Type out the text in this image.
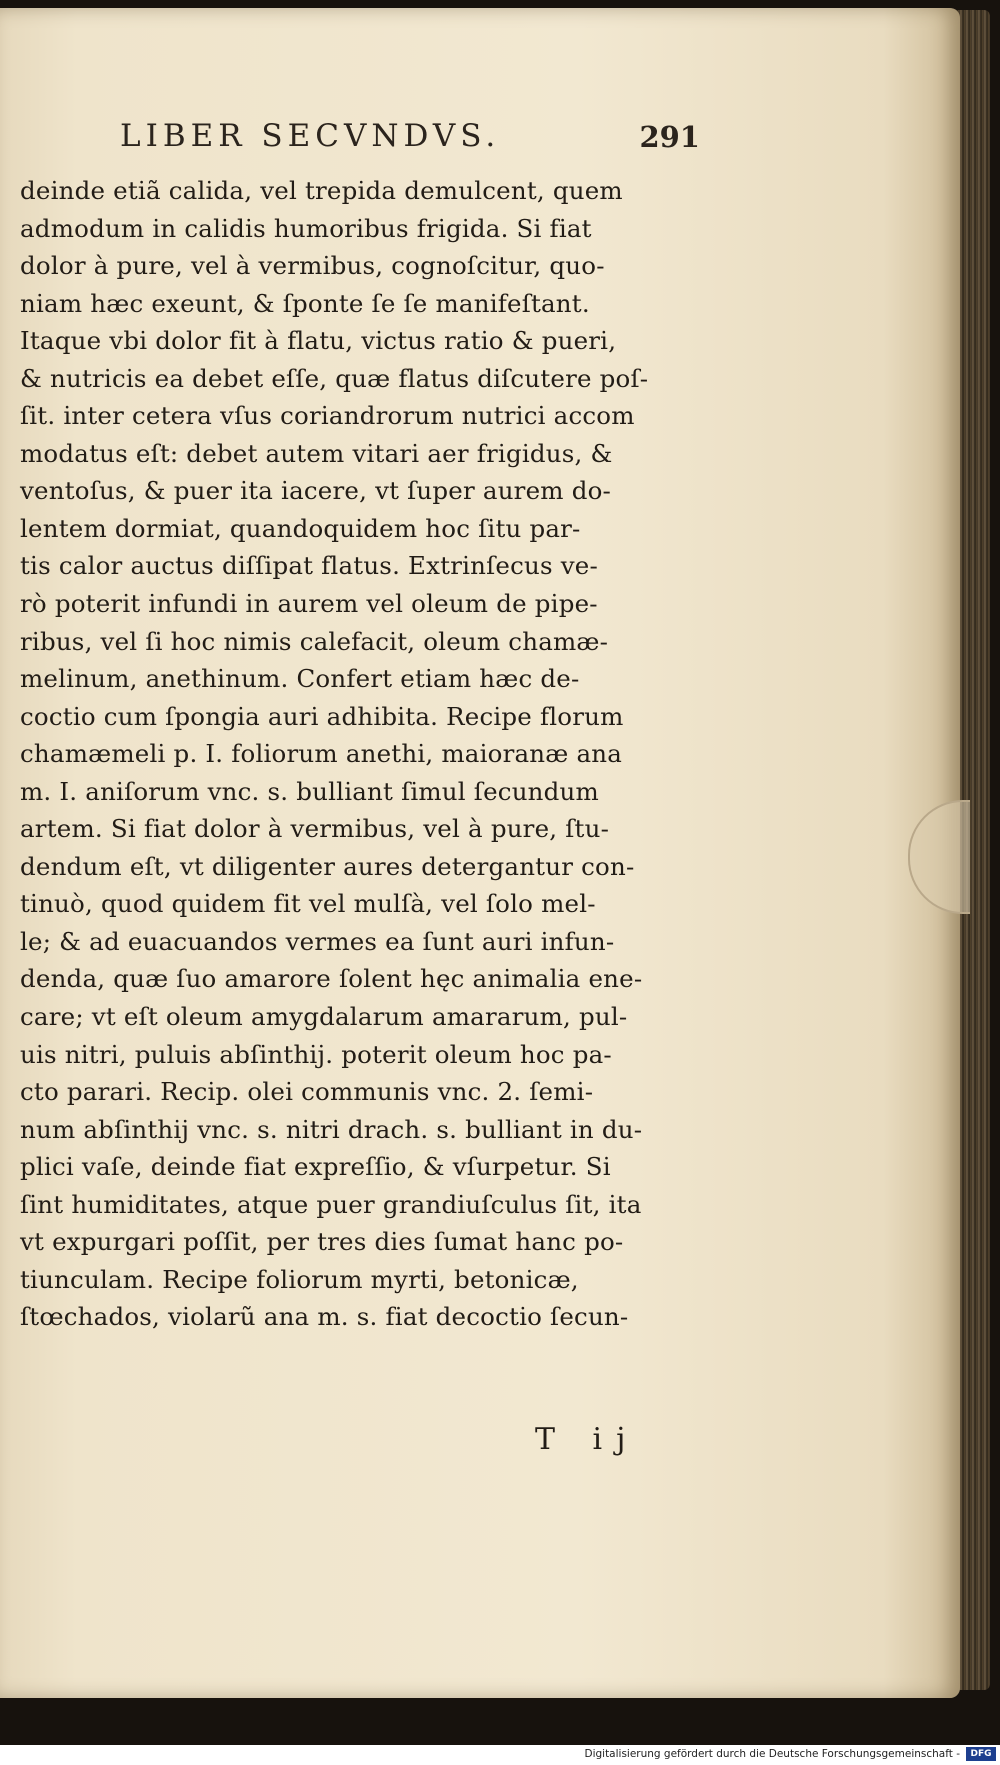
LIBER SECVNDVS.	291
deinde etiã calida, vel trepida demulcent, quem
admodum in calidis humoribus frigida. Si fiat
dolor à pure, vel à vermibus, cognoſcitur, quo-
niam hæc exeunt, & ſponte ſe ſe manifeſtant.
Itaque vbi dolor fit à flatu, victus ratio & pueri,
& nutricis ea debet eſſe, quæ flatus diſcutere poſ-
ſit. inter cetera vſus coriandrorum nutrici accom
modatus eſt: debet autem vitari aer frigidus, &
ventoſus, & puer ita iacere, vt ſuper aurem do-
lentem dormiat, quandoquidem hoc ſitu par-
tis calor auctus diſſipat flatus. Extrinſecus ve-
rò poterit infundi in aurem vel oleum de pipe-
ribus, vel ſi hoc nimis calefacit, oleum chamæ-
melinum, anethinum. Confert etiam hæc de-
coctio cum ſpongia auri adhibita. Recipe florum
chamæmeli p. I. foliorum anethi, maioranæ ana
m. I. aniſorum vnc. s. bulliant ſimul ſecundum
artem. Si fiat dolor à vermibus, vel à pure, ſtu-
dendum eſt, vt diligenter aures detergantur con-
tinuò, quod quidem fit vel mulſà, vel ſolo mel-
le; & ad euacuandos vermes ea ſunt auri infun-
denda, quæ ſuo amarore ſolent hęc animalia ene-
care; vt eſt oleum amygdalarum amararum, pul-
uis nitri, puluis abſinthij. poterit oleum hoc pa-
cto parari. Recip. olei communis vnc. 2. ſemi-
num abſinthij vnc. s. nitri drach. s. bulliant in du-
plici vaſe, deinde fiat expreſſio, & vſurpetur. Si
ſint humiditates, atque puer grandiuſculus ſit, ita
vt expurgari poſſit, per tres dies ſumat hanc po-
tiunculam. Recipe foliorum myrti, betonicæ,
ſtœchados, violarũ ana m. s. fiat decoctio ſecun-
T ij
Digitalisierung gefördert durch die Deutsche Forschungsgemeinschaft -	DFG
